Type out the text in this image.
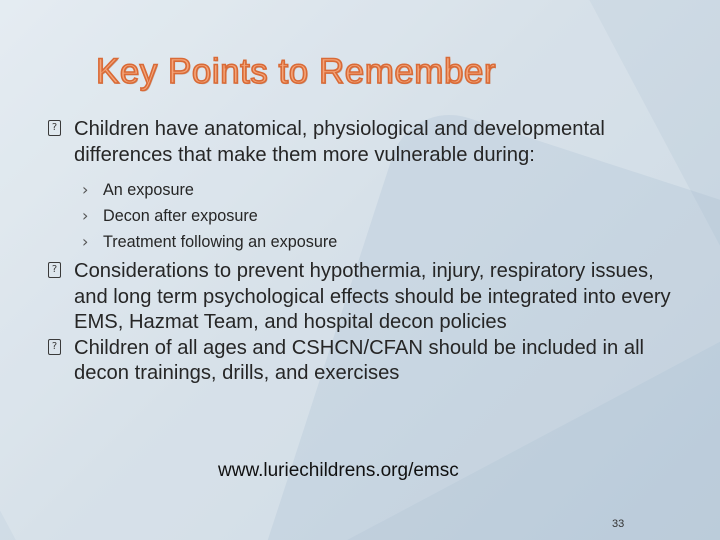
Key Points to Remember
? Children have anatomical, physiological and developmental differences that make them more vulnerable during:
› An exposure
› Decon after exposure
› Treatment following an exposure
? Considerations to prevent hypothermia, injury, respiratory issues, and long term psychological effects should be integrated into every EMS, Hazmat Team, and hospital decon policies
? Children of all ages and CSHCN/CFAN should be included in all decon trainings, drills, and exercises
www.luriechildrens.org/emsc
33
